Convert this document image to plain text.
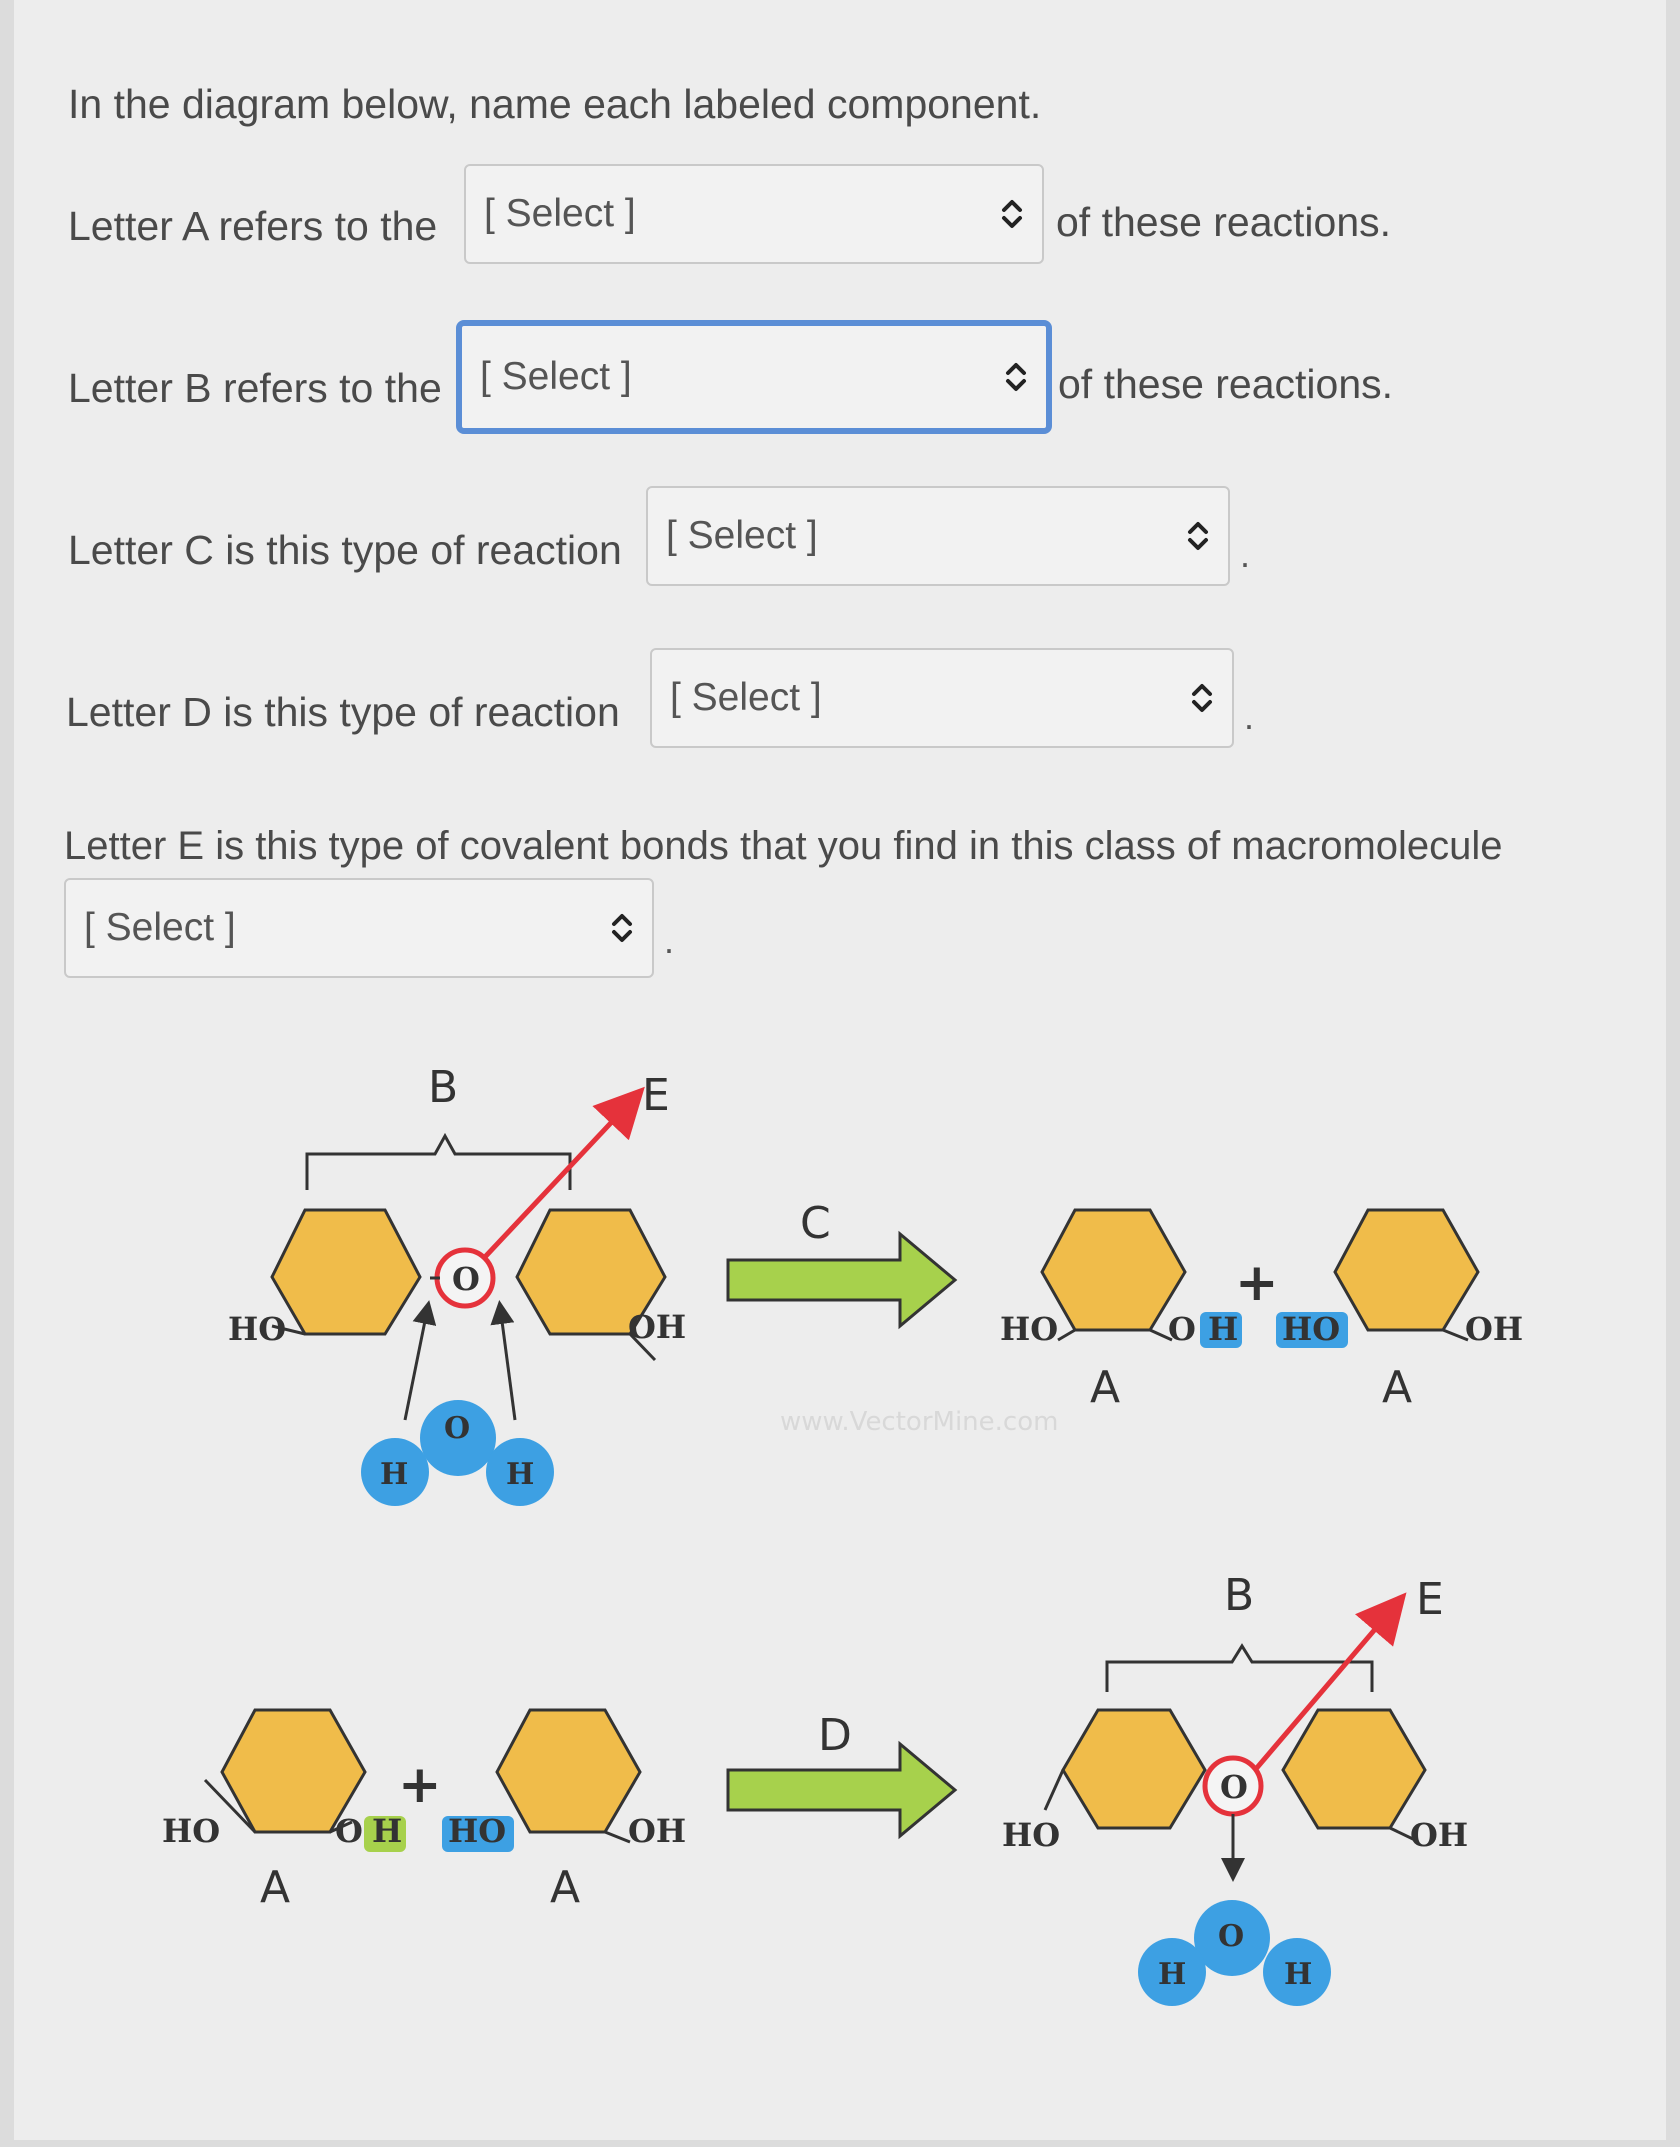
In the diagram below, name each labeled component.
Letter A refers to the [ Select ]	of these reactions.
Letter B refers to the [ Select ]	of these reactions.
Letter C is this type of reaction [ Select ]	.
Letter D is this type of reaction [ Select ]	.
Letter E is this type of covalent bonds that you find in this class of macromolecule
[ Select ]	.
B
HO	OH
O
E
O
H	H
C
HO	O H
+
HO	OH
A	A
HO	O H
+
HO	OH
A	A
D
B
HO	OH
O
E
O
H	H
www.VectorMine.com
